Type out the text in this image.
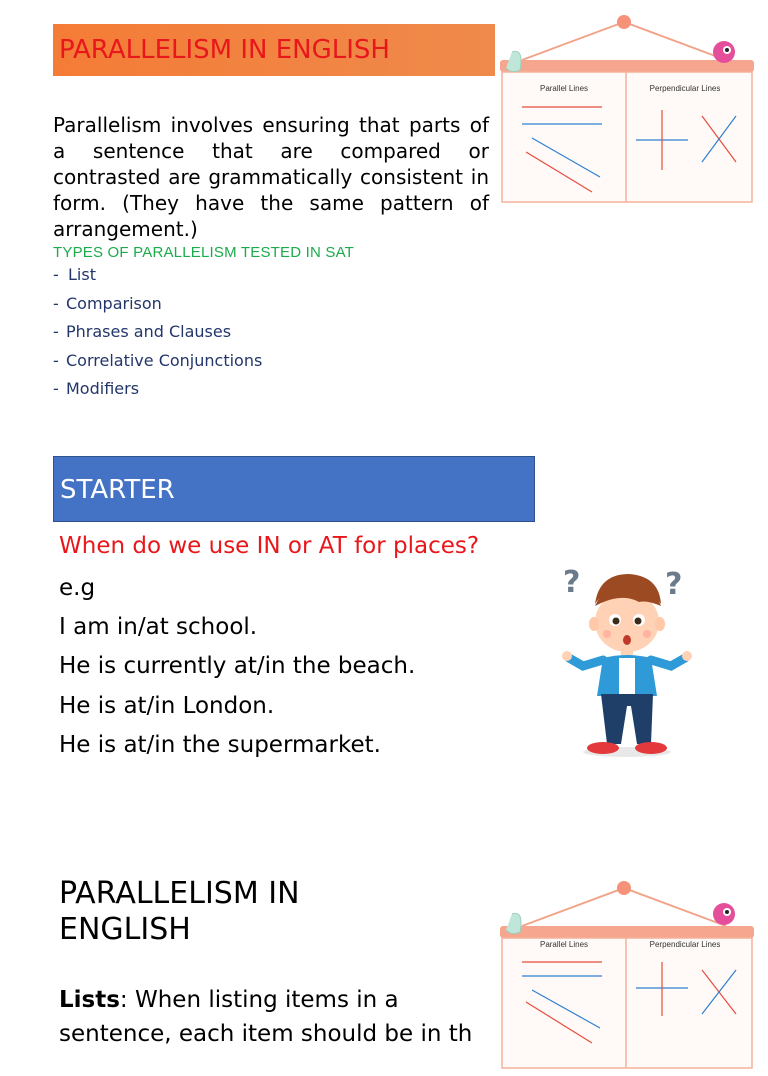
PARALLELISM IN ENGLISH

Parallelism involves ensuring that parts of a sentence that are compared or contrasted are grammatically consistent in form. (They have the same pattern of arrangement.)

TYPES OF PARALLELISM TESTED IN SAT
- List
- Comparison
- Phrases and Clauses
- Correlative Conjunctions
- Modifiers
Parallel Lines	Perpendicular Lines
STARTER
When do we use IN or AT for places?
e.g
I am in/at school.
He is currently at/in the beach.
He is at/in London.
He is at/in the supermarket.
?	?
PARALLELISM IN
ENGLISH	Parallel Lines	Perpendicular Lines
Lists: When listing items in a
sentence, each item should be in th
